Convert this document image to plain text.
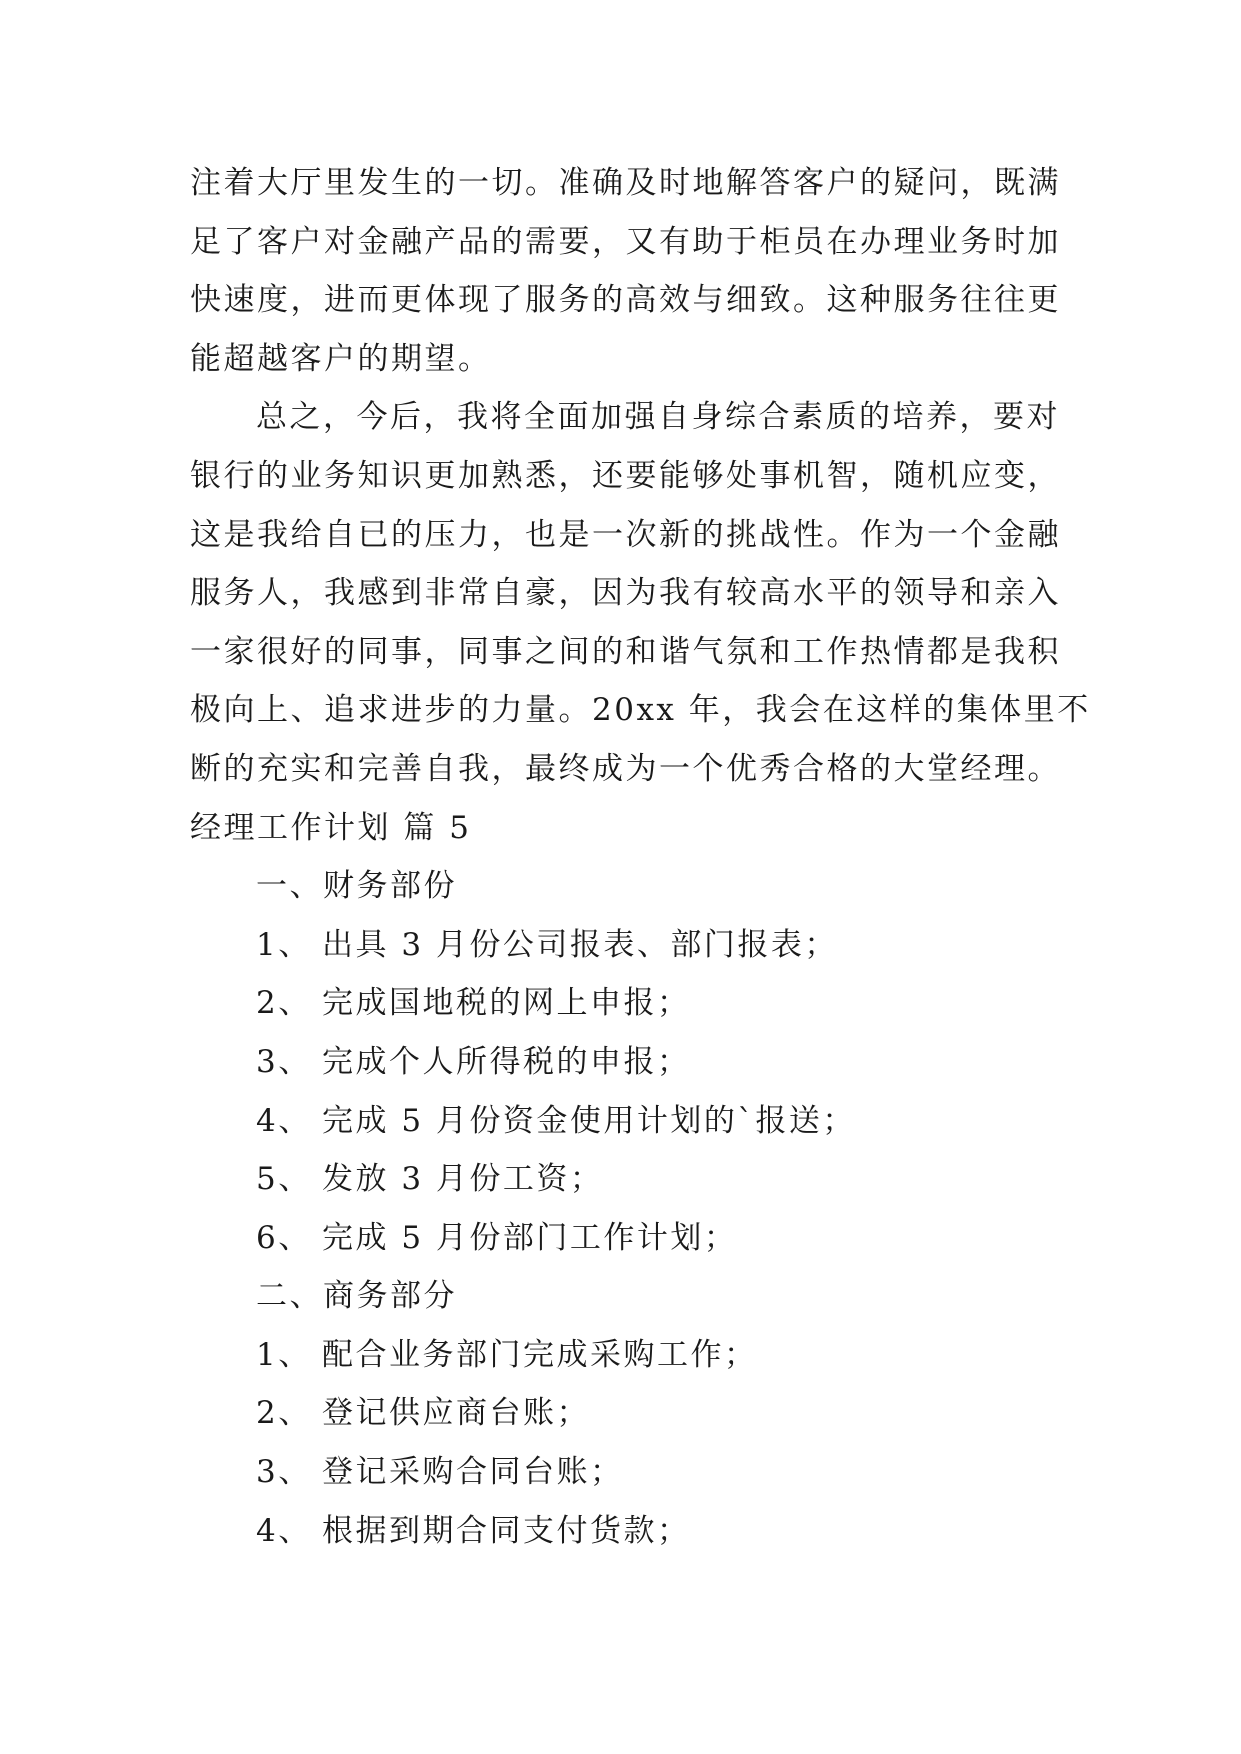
注着大厅里发生的一切。准确及时地解答客户的疑问，既满
足了客户对金融产品的需要，又有助于柜员在办理业务时加
快速度，进而更体现了服务的高效与细致。这种服务往往更
能超越客户的期望。
总之，今后，我将全面加强自身综合素质的培养，要对
银行的业务知识更加熟悉，还要能够处事机智，随机应变，
这是我给自已的压力，也是一次新的挑战性。作为一个金融
服务人，我感到非常自豪，因为我有较高水平的领导和亲入
一家很好的同事，同事之间的和谐气氛和工作热情都是我积
极向上、追求进步的力量。20xx 年，我会在这样的集体里不
断的充实和完善自我，最终成为一个优秀合格的大堂经理。
经理工作计划 篇 5
一、财务部份
1、 出具 3 月份公司报表、部门报表；
2、 完成国地税的网上申报；
3、 完成个人所得税的申报；
4、 完成 5 月份资金使用计划的`报送；
5、 发放 3 月份工资；
6、 完成 5 月份部门工作计划；
二、商务部分
1、 配合业务部门完成采购工作；
2、 登记供应商台账；
3、 登记采购合同台账；
4、 根据到期合同支付货款；
